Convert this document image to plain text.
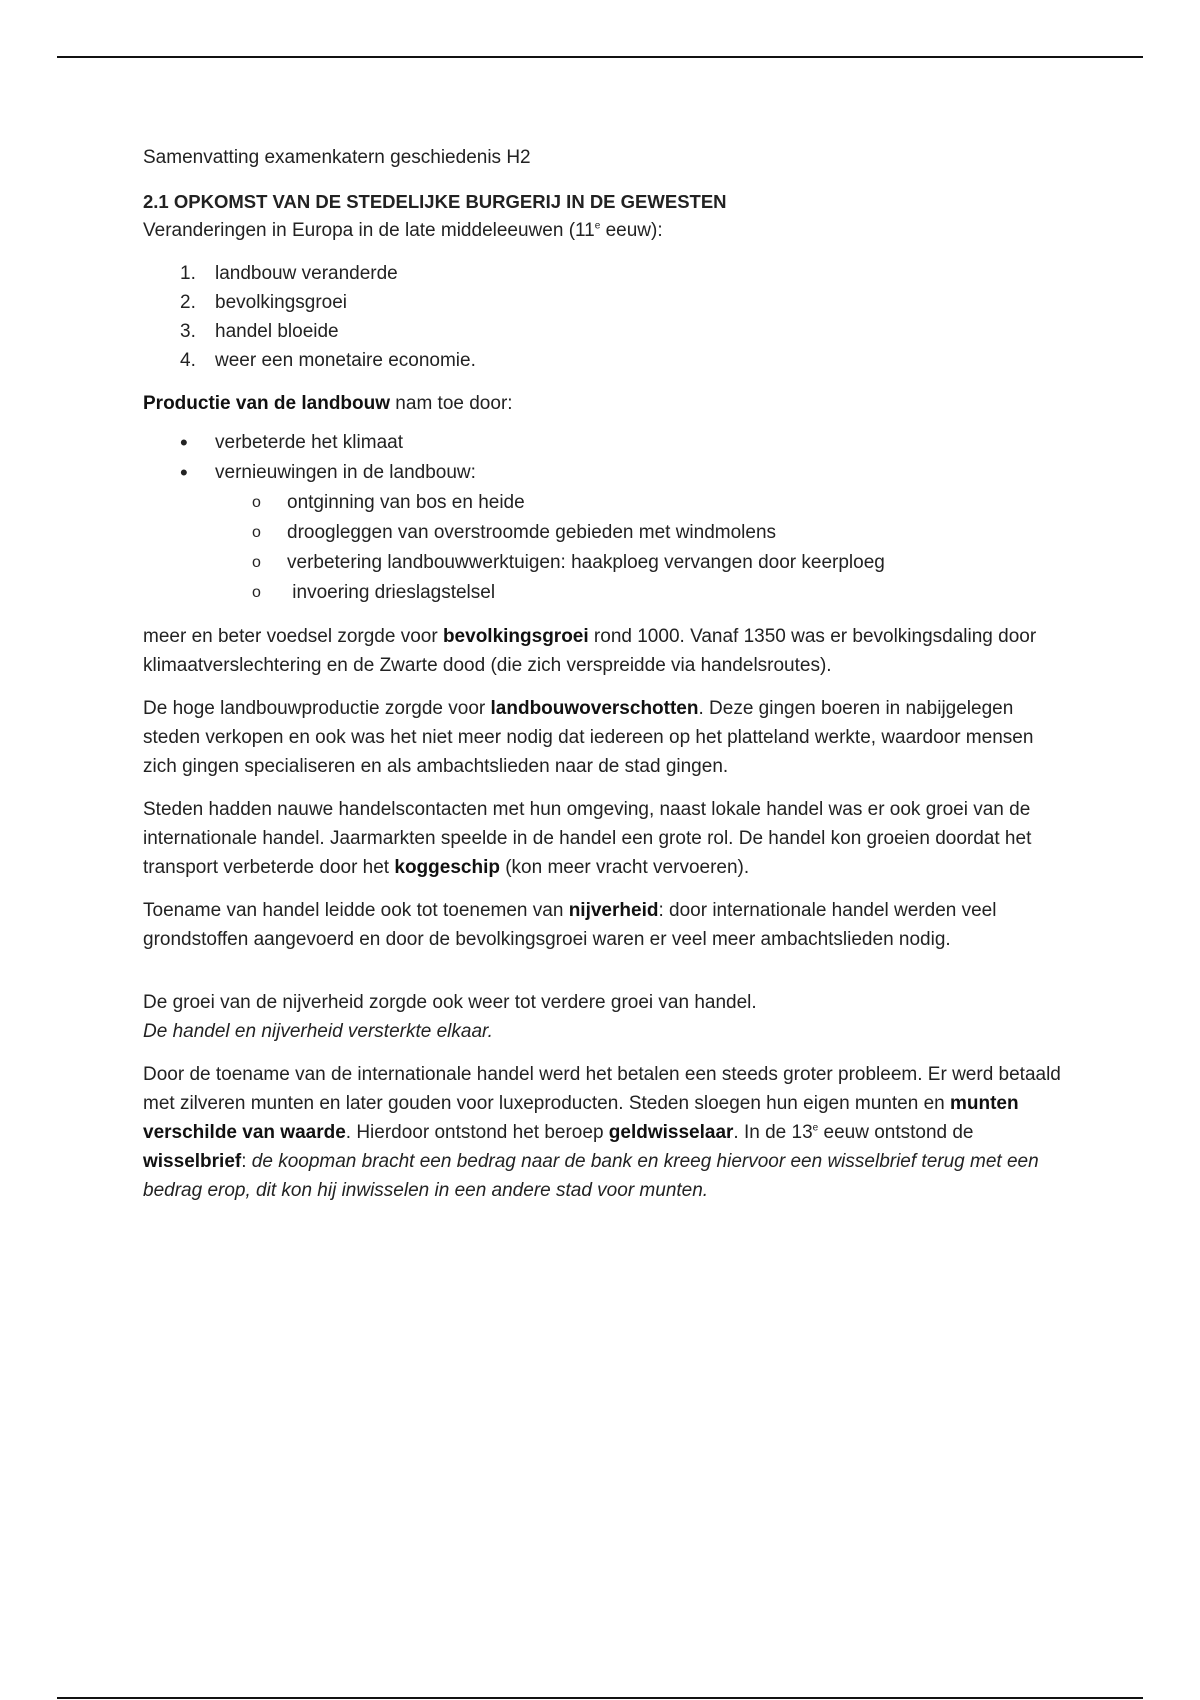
Samenvatting examenkatern geschiedenis H2

2.1 OPKOMST VAN DE STEDELIJKE BURGERIJ IN DE GEWESTEN

Veranderingen in Europa in de late middeleeuwen (11e eeuw):

1. landbouw veranderde
2. bevolkingsgroei
3. handel bloeide
4. weer een monetaire economie.

Productie van de landbouw nam toe door:

• verbeterde het klimaat
• vernieuwingen in de landbouw:
o ontginning van bos en heide
o droogleggen van overstroomde gebieden met windmolens
o verbetering landbouwwerktuigen: haakploeg vervangen door keerploeg
o invoering drieslagstelsel

meer en beter voedsel zorgde voor bevolkingsgroei rond 1000. Vanaf 1350 was er bevolkingsdaling door klimaatverslechtering en de Zwarte dood (die zich verspreidde via handelsroutes).

De hoge landbouwproductie zorgde voor landbouwoverschotten. Deze gingen boeren in nabijgelegen steden verkopen en ook was het niet meer nodig dat iedereen op het platteland werkte, waardoor mensen zich gingen specialiseren en als ambachtslieden naar de stad gingen.

Steden hadden nauwe handelscontacten met hun omgeving, naast lokale handel was er ook groei van de internationale handel. Jaarmarkten speelde in de handel een grote rol. De handel kon groeien doordat het transport verbeterde door het koggeschip (kon meer vracht vervoeren).

Toename van handel leidde ook tot toenemen van nijverheid: door internationale handel werden veel grondstoffen aangevoerd en door de bevolkingsgroei waren er veel meer ambachtslieden nodig.

De groei van de nijverheid zorgde ook weer tot verdere groei van handel.
De handel en nijverheid versterkte elkaar.

Door de toename van de internationale handel werd het betalen een steeds groter probleem. Er werd betaald met zilveren munten en later gouden voor luxeproducten. Steden sloegen hun eigen munten en munten verschilde van waarde. Hierdoor ontstond het beroep geldwisselaar. In de 13e eeuw ontstond de wisselbrief: de koopman bracht een bedrag naar de bank en kreeg hiervoor een wisselbrief terug met een bedrag erop, dit kon hij inwisselen in een andere stad voor munten.
